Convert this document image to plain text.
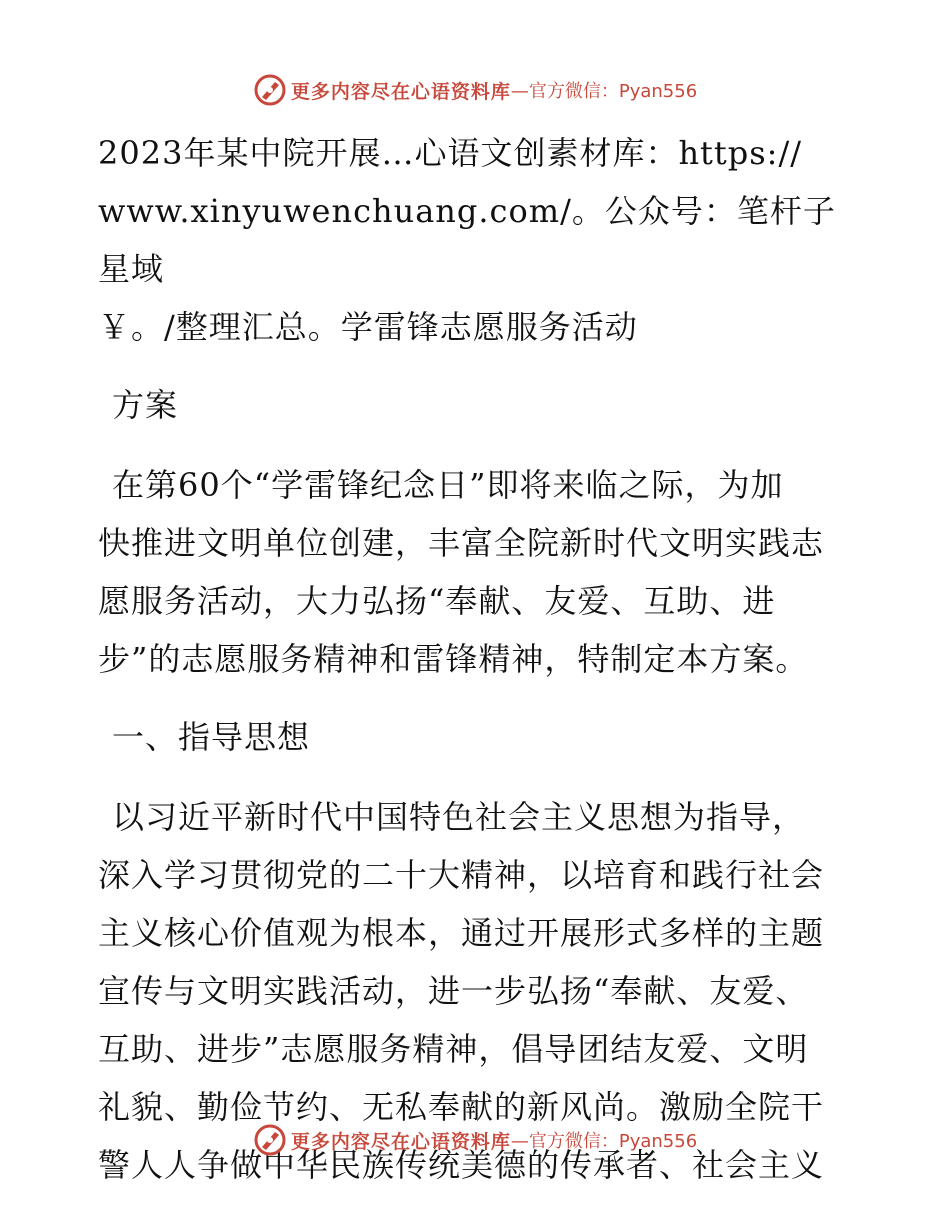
更多内容尽在心语资料库 —官方微信：Pyan556

2023年某中院开展…心语文创素材库：https://

www.xinyuwenchuang.com/。公众号：笔杆子星域

￥。/整理汇总。学雷锋志愿服务活动

方案

在第60个“学雷锋纪念日”即将来临之际，为加

快推进文明单位创建，丰富全院新时代文明实践志

愿服务活动，大力弘扬“奉献、友爱、互助、进

步”的志愿服务精神和雷锋精神，特制定本方案。

一、指导思想

以习近平新时代中国特色社会主义思想为指导，

深入学习贯彻党的二十大精神，以培育和践行社会

主义核心价值观为根本，通过开展形式多样的主题

宣传与文明实践活动，进一步弘扬“奉献、友爱、

互助、进步”志愿服务精神，倡导团结友爱、文明

礼貌、勤俭节约、无私奉献的新风尚。激励全院干

警人人争做中华民族传统美德的传承者、社会主义

更多内容尽在心语资料库 —官方微信：Pyan556
